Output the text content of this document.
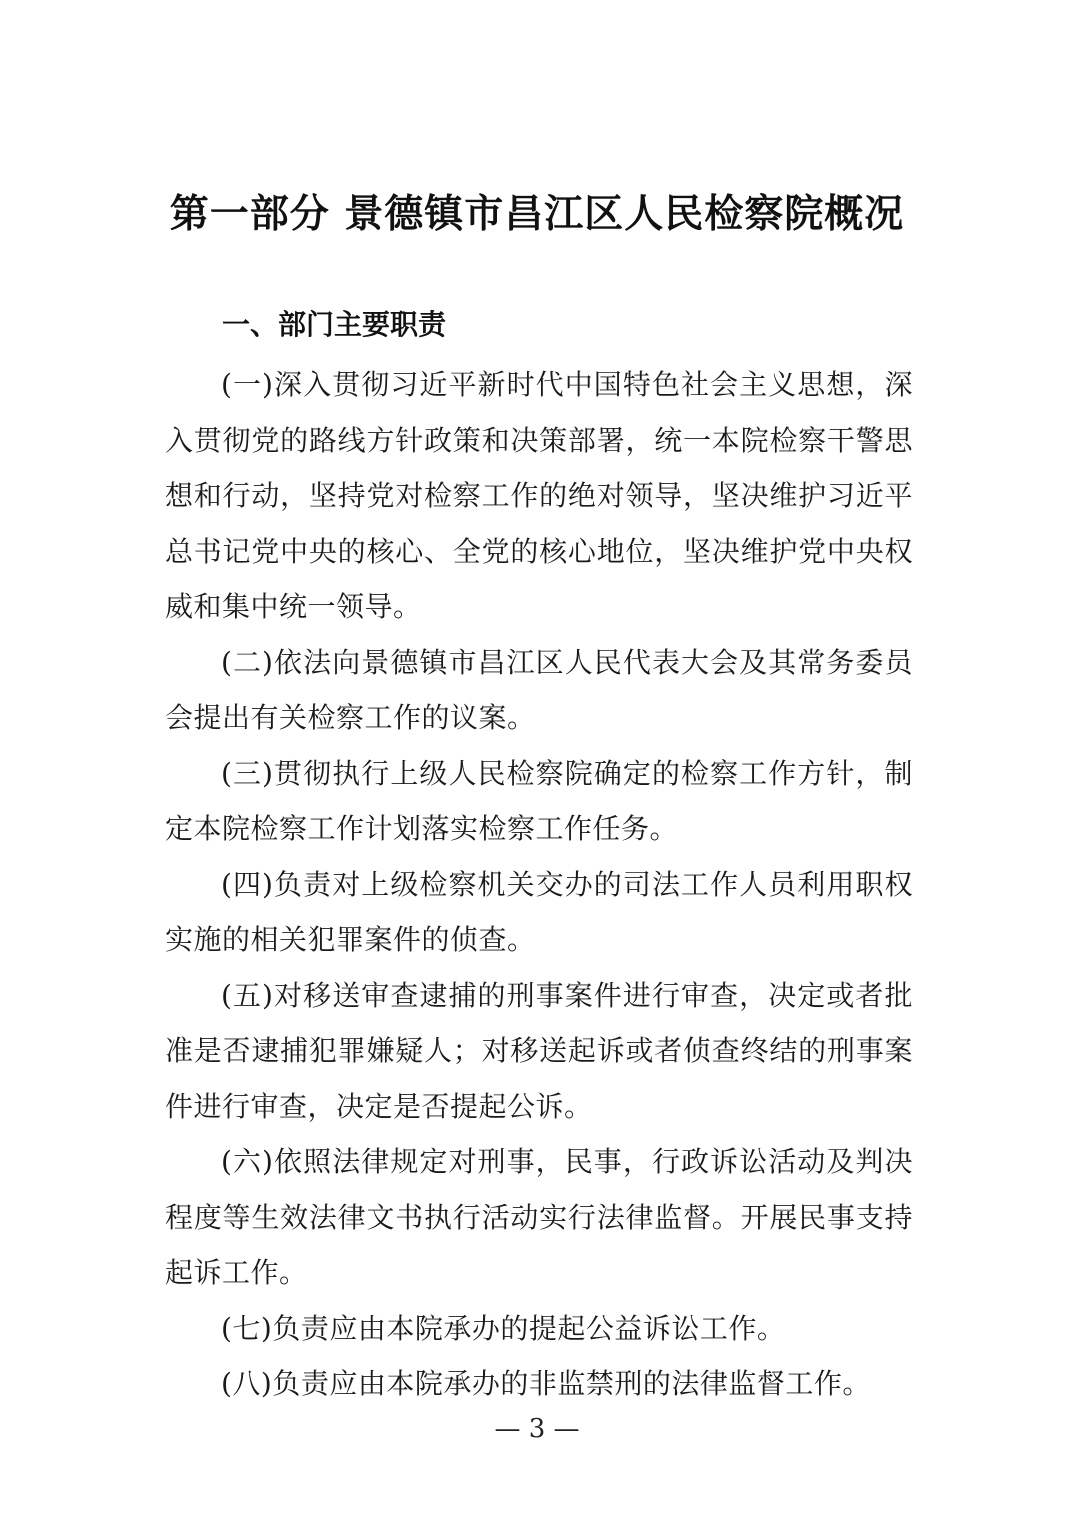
第一部分 景德镇市昌江区人民检察院概况
一、部门主要职责

(一)深入贯彻习近平新时代中国特色社会主义思想，深入贯彻党的路线方针政策和决策部署，统一本院检察干警思想和行动，坚持党对检察工作的绝对领导，坚决维护习近平总书记党中央的核心、全党的核心地位，坚决维护党中央权威和集中统一领导。

(二)依法向景德镇市昌江区人民代表大会及其常务委员会提出有关检察工作的议案。

(三)贯彻执行上级人民检察院确定的检察工作方针，制定本院检察工作计划落实检察工作任务。

(四)负责对上级检察机关交办的司法工作人员利用职权实施的相关犯罪案件的侦查。

(五)对移送审查逮捕的刑事案件进行审查，决定或者批准是否逮捕犯罪嫌疑人；对移送起诉或者侦查终结的刑事案件进行审查，决定是否提起公诉。

(六)依照法律规定对刑事，民事，行政诉讼活动及判决程度等生效法律文书执行活动实行法律监督。开展民事支持起诉工作。

(七)负责应由本院承办的提起公益诉讼工作。

(八)负责应由本院承办的非监禁刑的法律监督工作。

— 3 —
